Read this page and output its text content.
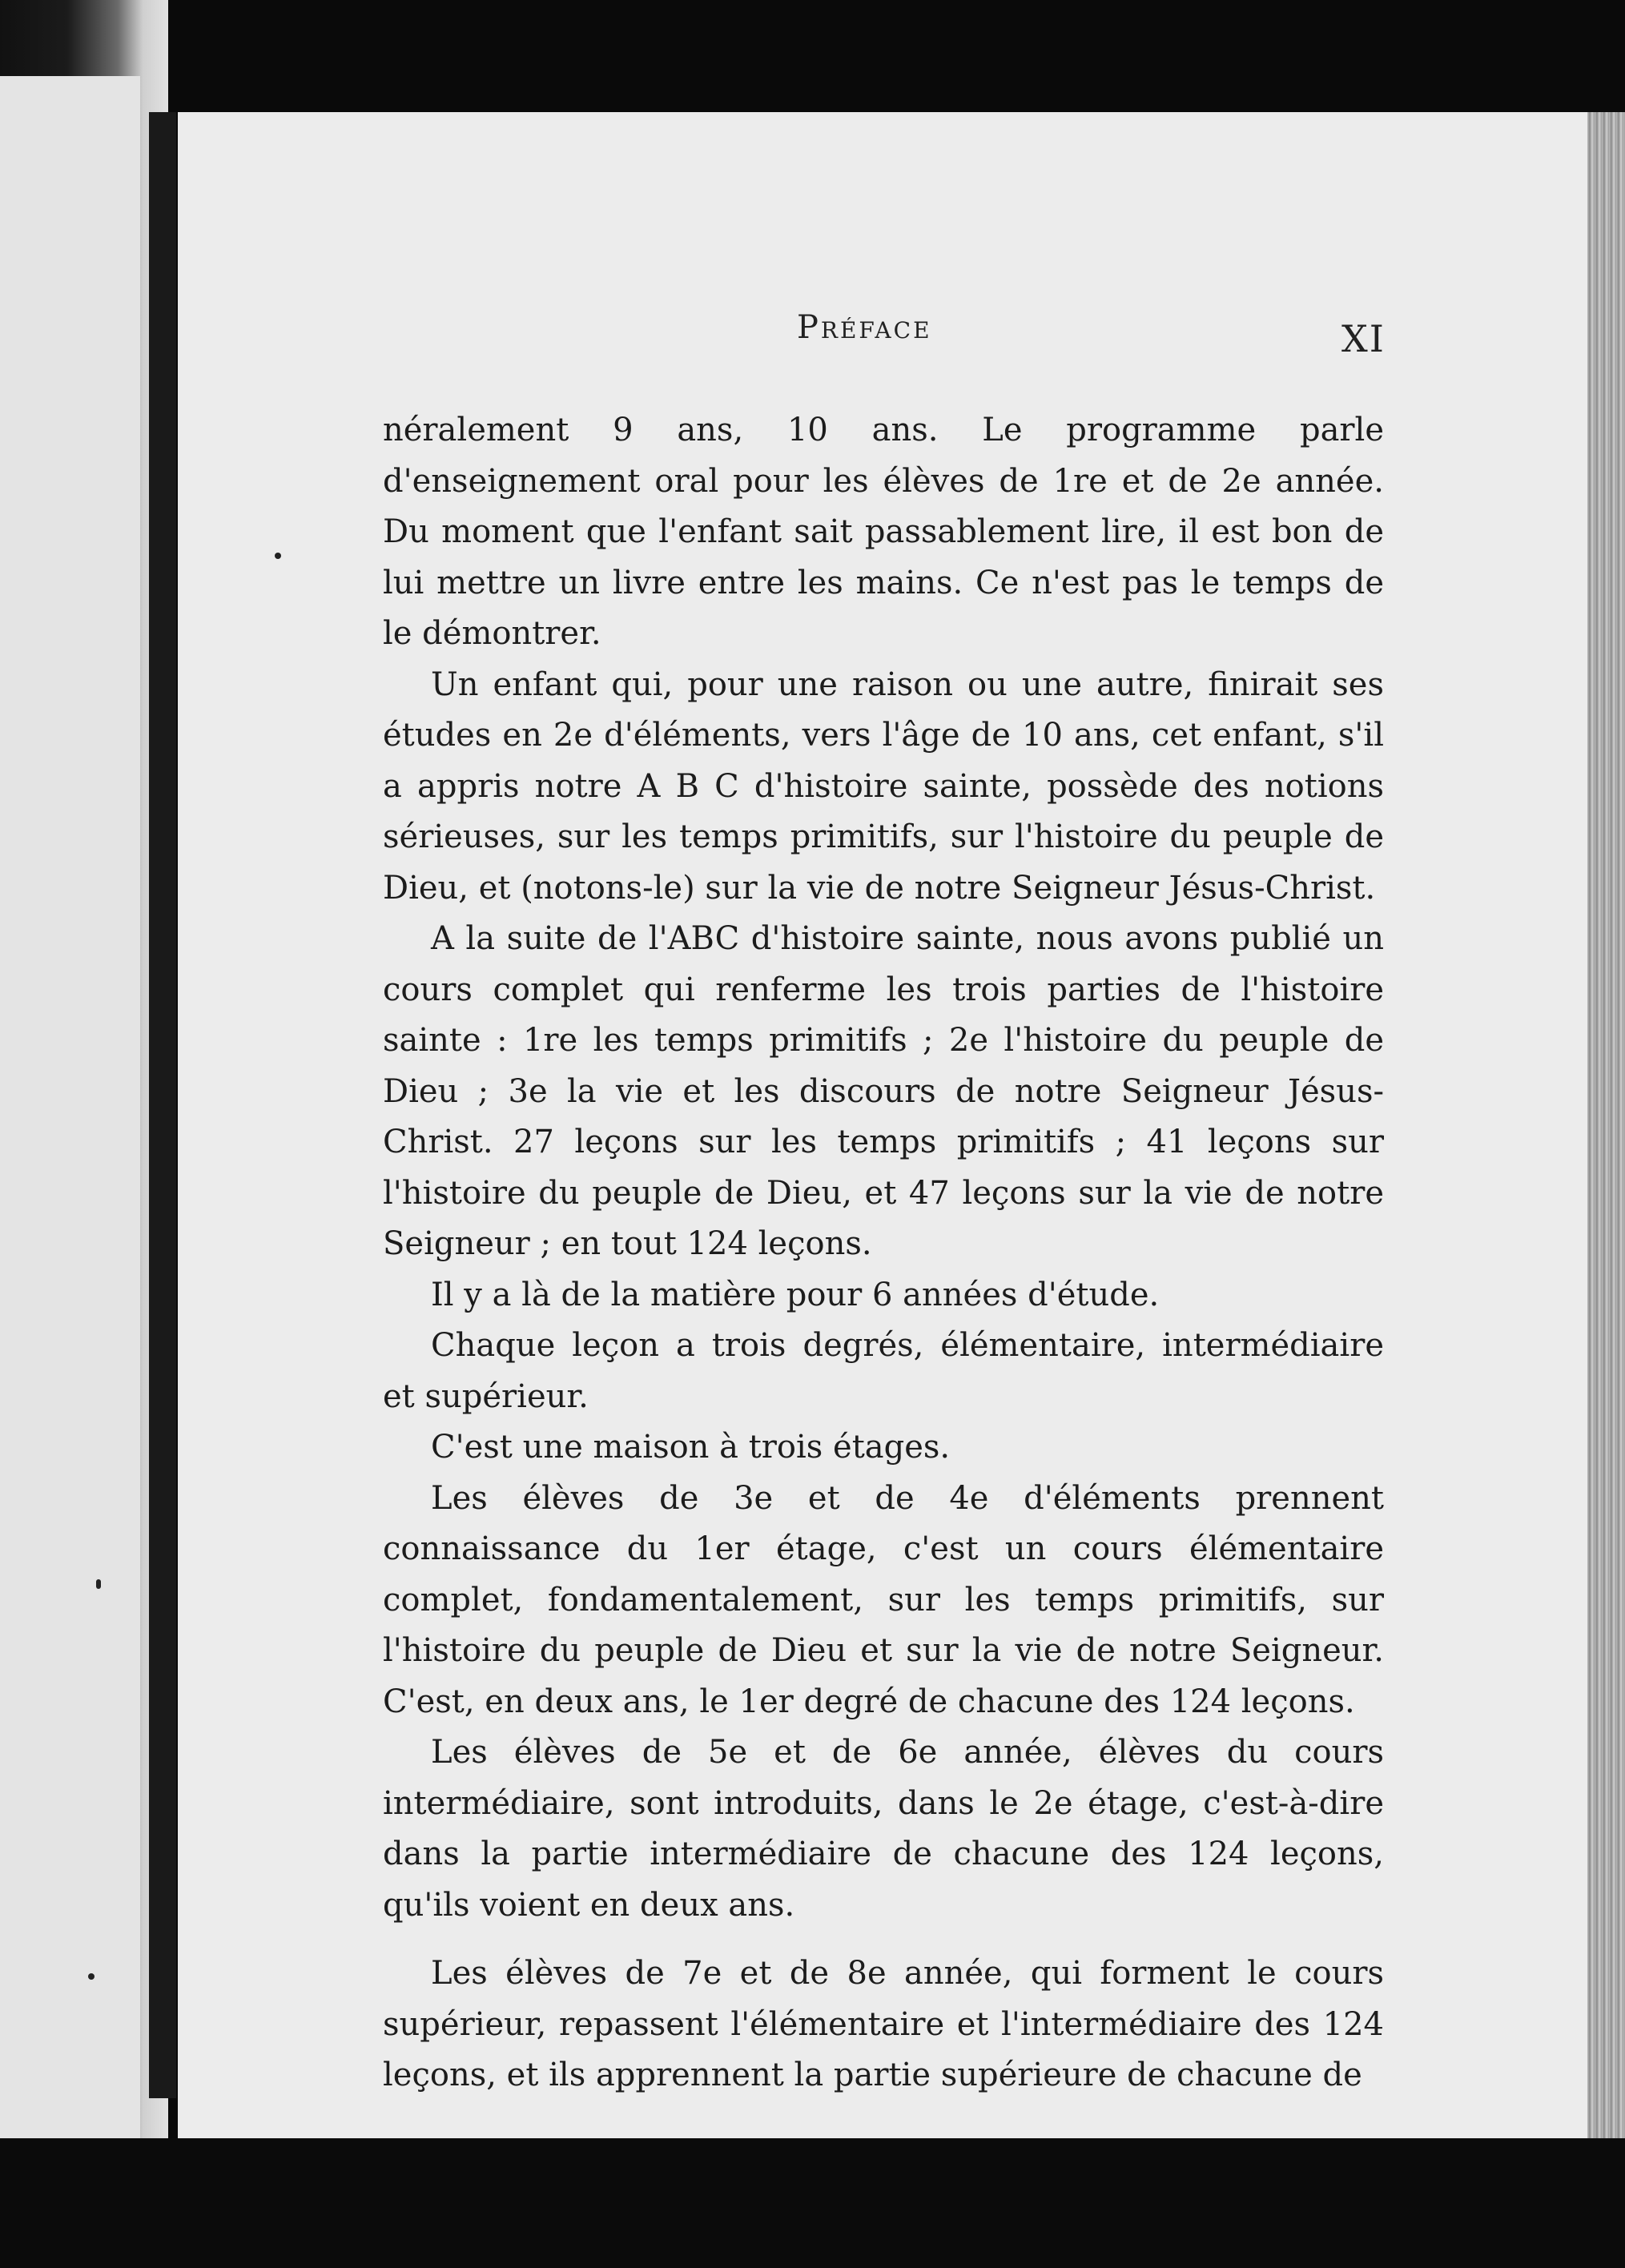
Préface	XI

néralement 9 ans, 10 ans. Le programme parle d'enseignement oral pour les élèves de 1re et de 2e année. Du moment que l'enfant sait passablement lire, il est bon de lui mettre un livre entre les mains. Ce n'est pas le temps de le démontrer.

Un enfant qui, pour une raison ou une autre, finirait ses études en 2e d'éléments, vers l'âge de 10 ans, cet enfant, s'il a appris notre A B C d'histoire sainte, possède des notions sérieuses, sur les temps primitifs, sur l'histoire du peuple de Dieu, et (notons-le) sur la vie de notre Seigneur Jésus-Christ.

A la suite de l'ABC d'histoire sainte, nous avons publié un cours complet qui renferme les trois parties de l'histoire sainte : 1re les temps primitifs ; 2e l'histoire du peuple de Dieu ; 3e la vie et les discours de notre Seigneur Jésus-Christ. 27 leçons sur les temps primitifs ; 41 leçons sur l'histoire du peuple de Dieu, et 47 leçons sur la vie de notre Seigneur ; en tout 124 leçons.

Il y a là de la matière pour 6 années d'étude.

Chaque leçon a trois degrés, élémentaire, intermédiaire et supérieur.

C'est une maison à trois étages.

Les élèves de 3e et de 4e d'éléments prennent connaissance du 1er étage, c'est un cours élémentaire complet, fondamentalement, sur les temps primitifs, sur l'histoire du peuple de Dieu et sur la vie de notre Seigneur. C'est, en deux ans, le 1er degré de chacune des 124 leçons.

Les élèves de 5e et de 6e année, élèves du cours intermédiaire, sont introduits, dans le 2e étage, c'est-à-dire dans la partie intermédiaire de chacune des 124 leçons, qu'ils voient en deux ans.

Les élèves de 7e et de 8e année, qui forment le cours supérieur, repassent l'élémentaire et l'intermédiaire des 124 leçons, et ils apprennent la partie supérieure de chacune de
